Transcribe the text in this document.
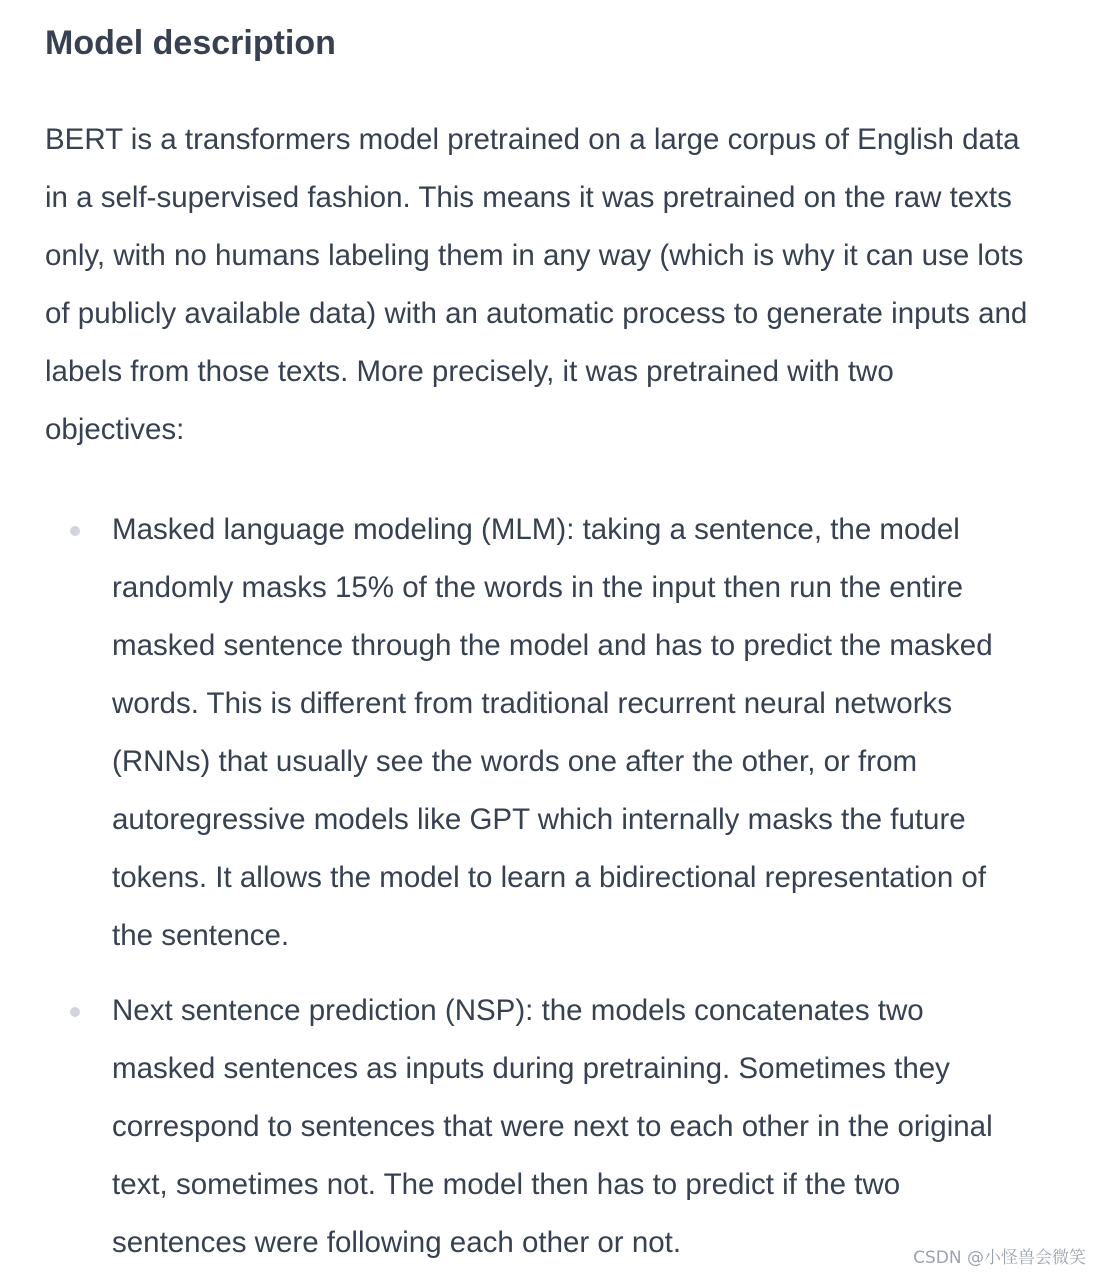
Model description

BERT is a transformers model pretrained on a large corpus of English data in a self-supervised fashion. This means it was pretrained on the raw texts only, with no humans labeling them in any way (which is why it can use lots of publicly available data) with an automatic process to generate inputs and labels from those texts. More precisely, it was pretrained with two objectives:

Masked language modeling (MLM): taking a sentence, the model randomly masks 15% of the words in the input then run the entire masked sentence through the model and has to predict the masked words. This is different from traditional recurrent neural networks (RNNs) that usually see the words one after the other, or from autoregressive models like GPT which internally masks the future tokens. It allows the model to learn a bidirectional representation of the sentence.
Next sentence prediction (NSP): the models concatenates two masked sentences as inputs during pretraining. Sometimes they correspond to sentences that were next to each other in the original text, sometimes not. The model then has to predict if the two sentences were following each other or not.	CSDN @小怪兽会微笑
